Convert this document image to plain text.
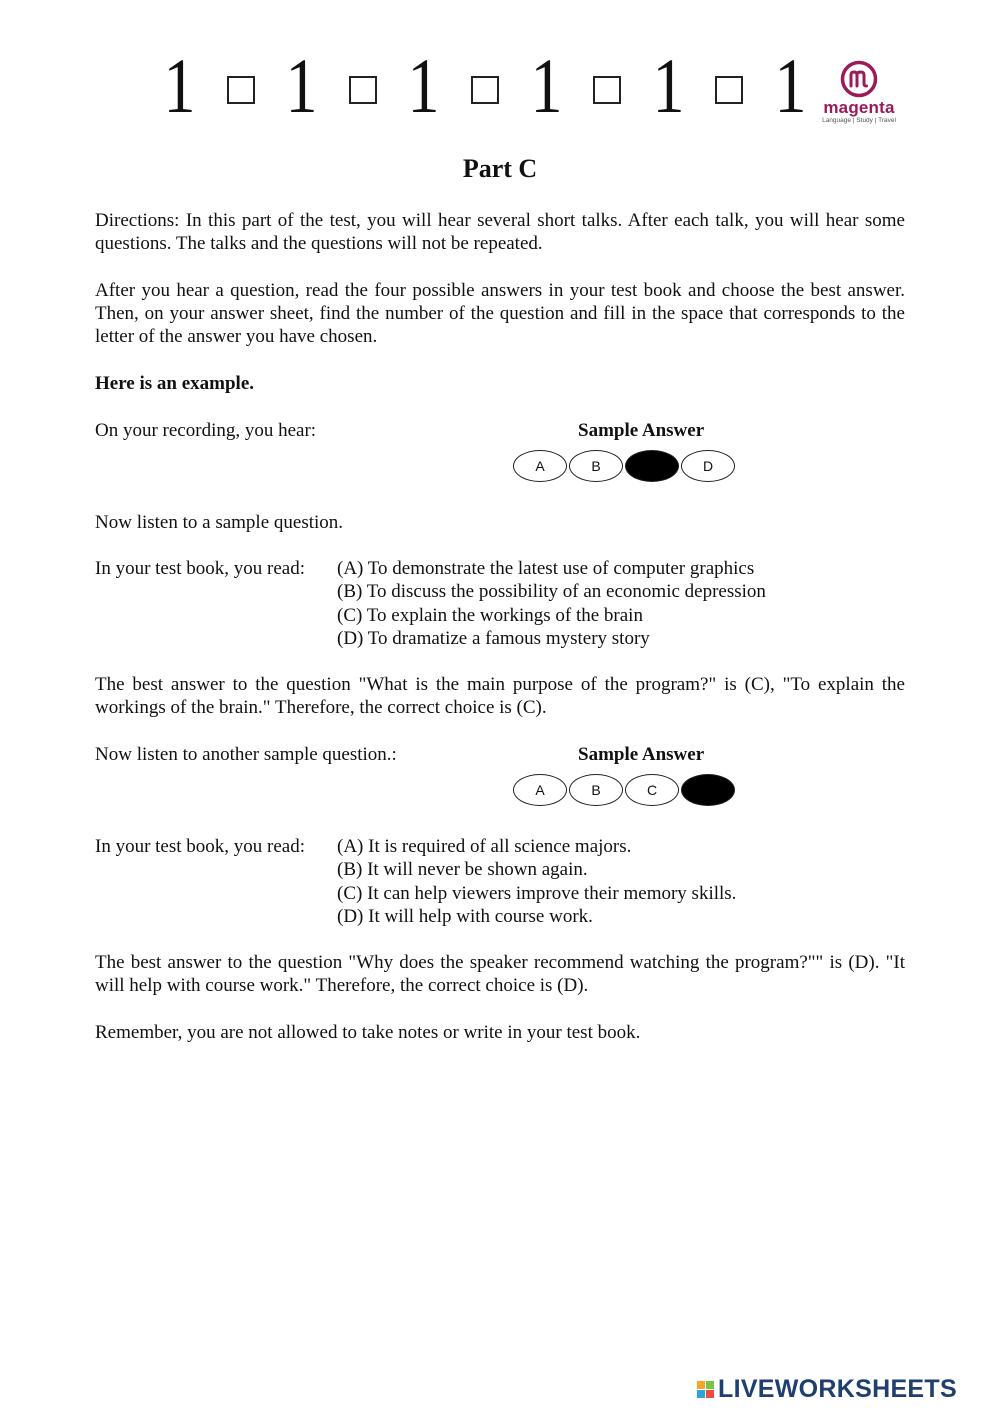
1 1 1 1 1 1 magenta
Language | Study | Travel
Part C

Directions: In this part of the test, you will hear several short talks. After each talk, you will hear some questions. The talks and the questions will not be repeated.

After you hear a question, read the four possible answers in your test book and choose the best answer. Then, on your answer sheet, find the number of the question and fill in the space that corresponds to the letter of the answer you have chosen.

Here is an example.
On your recording, you hear:	Sample Answer
A	B	D
Now listen to a sample question.
In your test book, you read: (A) To demonstrate the latest use of computer graphics
(B) To discuss the possibility of an economic depression
(C) To explain the workings of the brain
(D) To dramatize a famous mystery story

The best answer to the question "What is the main purpose of the program?" is (C), "To explain the workings of the brain." Therefore, the correct choice is (C).

Now listen to another sample question.:	Sample Answer
A	B	C
In your test book, you read: (A) It is required of all science majors.
(B) It will never be shown again.
(C) It can help viewers improve their memory skills.
(D) It will help with course work.

The best answer to the question "Why does the speaker recommend watching the program?"" is (D). "It will help with course work." Therefore, the correct choice is (D).

Remember, you are not allowed to take notes or write in your test book.
LIVEWORKSHEETS
